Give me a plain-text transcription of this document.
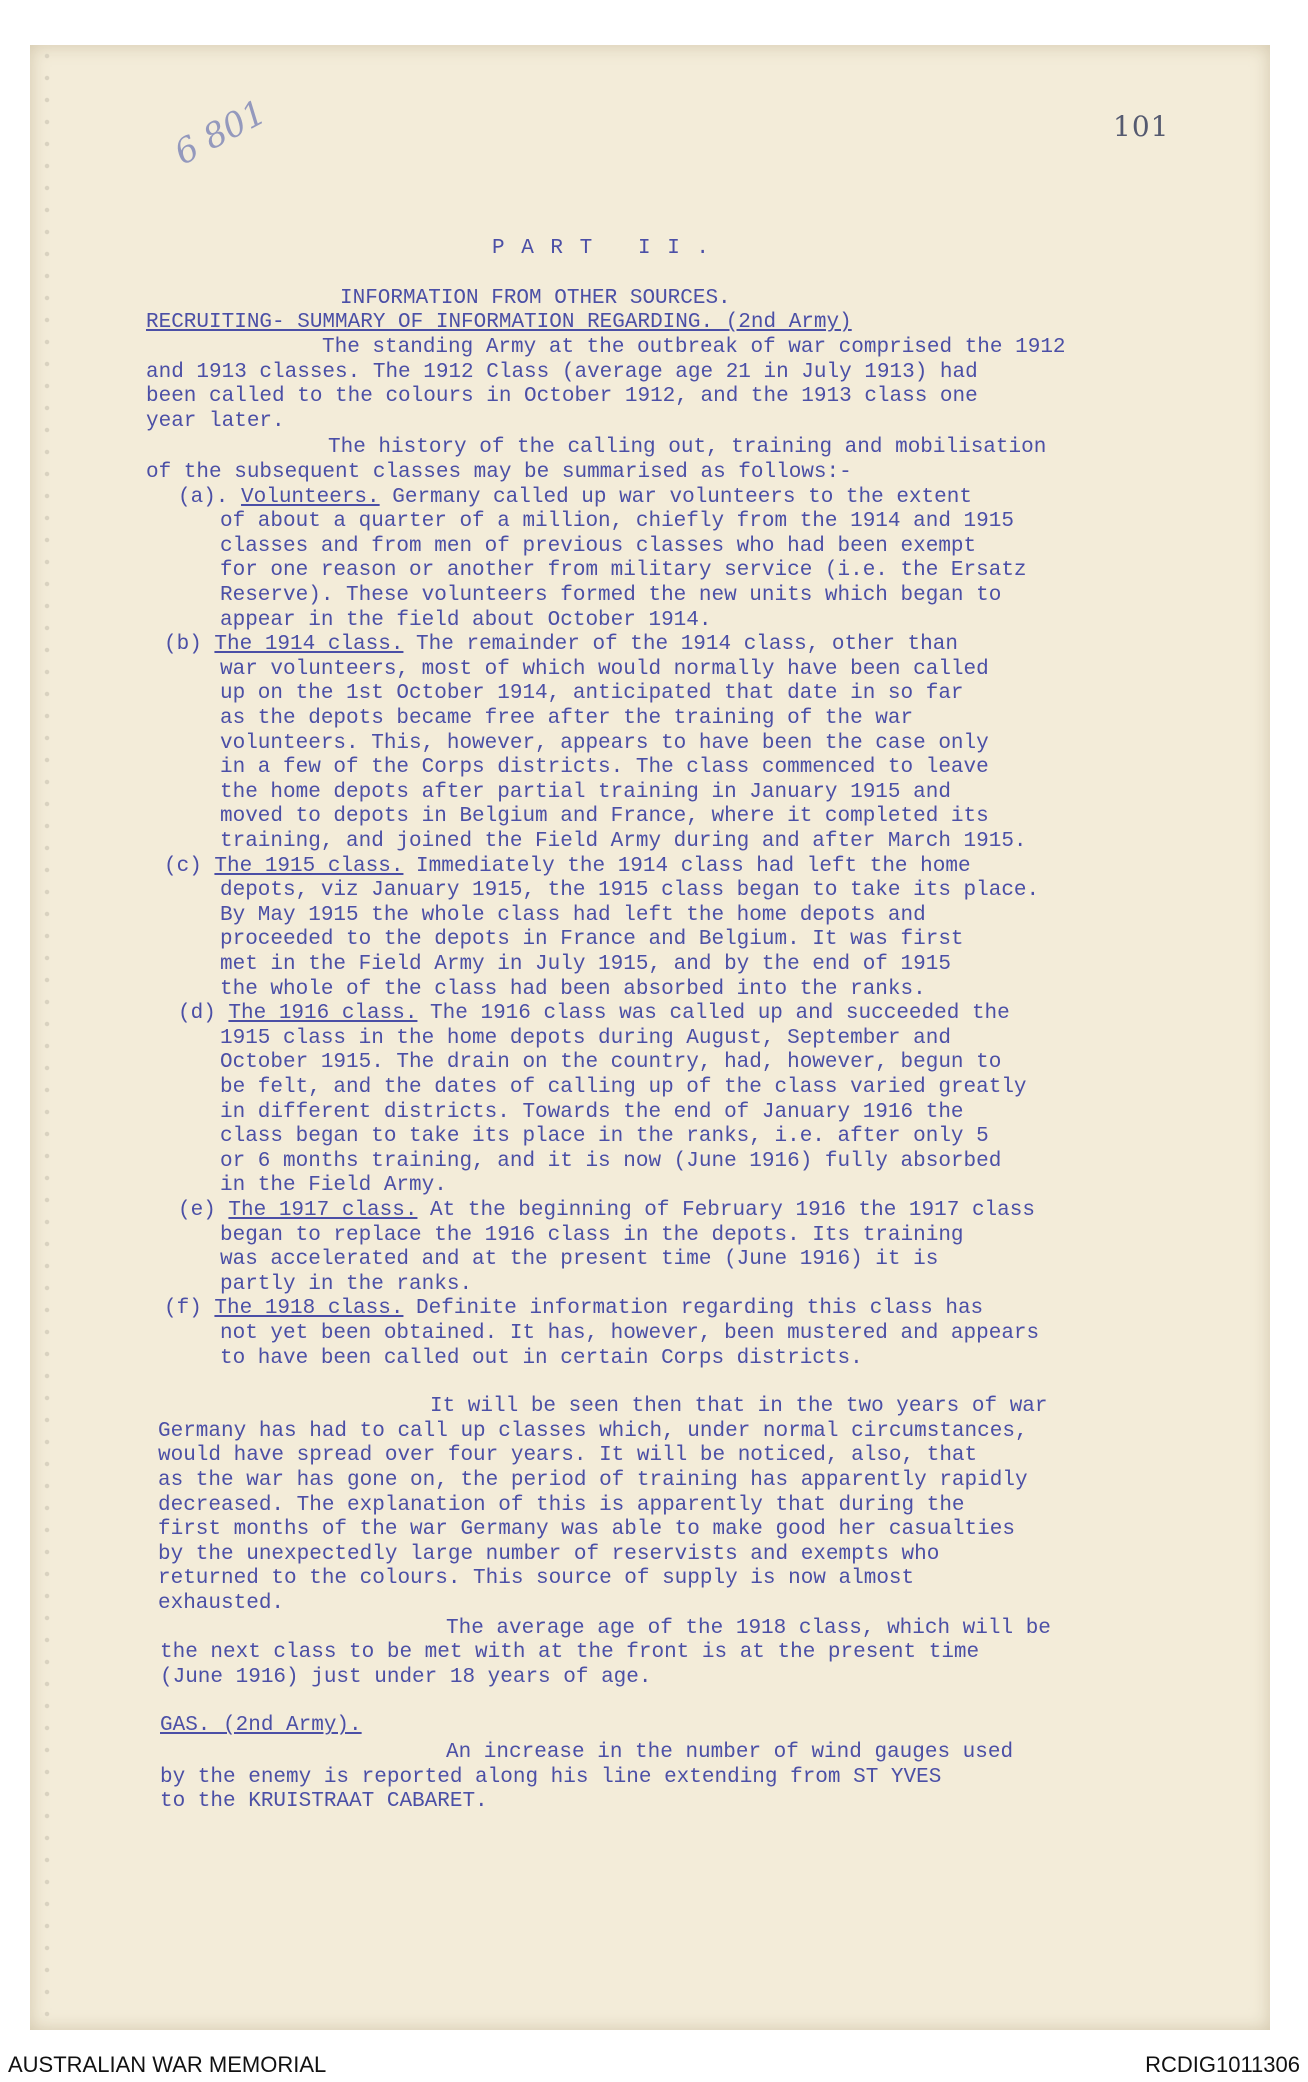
101
6 801
P A R T   I I .
INFORMATION FROM OTHER SOURCES.
RECRUITING- SUMMARY OF INFORMATION REGARDING. (2nd Army)
The standing Army at the outbreak of war comprised the 1912
and 1913 classes. The 1912 Class (average age 21 in July 1913) had
been called to the colours in October 1912, and the 1913 class one
year later.
The history of the calling out, training and mobilisation
of the subsequent classes may be summarised as follows:-
(a). Volunteers. Germany called up war volunteers to the extent
of about a quarter of a million, chiefly from the 1914 and 1915
classes and from men of previous classes who had been exempt
for one reason or another from military service (i.e. the Ersatz
Reserve). These volunteers formed the new units which began to
appear in the field about October 1914.
(b) The 1914 class. The remainder of the 1914 class, other than
war volunteers, most of which would normally have been called
up on the 1st October 1914, anticipated that date in so far
as the depots became free after the training of the war
volunteers. This, however, appears to have been the case only
in a few of the Corps districts. The class commenced to leave
the home depots after partial training in January 1915 and
moved to depots in Belgium and France, where it completed its
training, and joined the Field Army during and after March 1915.
(c) The 1915 class. Immediately the 1914 class had left the home
depots, viz January 1915, the 1915 class began to take its place.
By May 1915 the whole class had left the home depots and
proceeded to the depots in France and Belgium. It was first
met in the Field Army in July 1915, and by the end of 1915
the whole of the class had been absorbed into the ranks.
(d) The 1916 class. The 1916 class was called up and succeeded the
1915 class in the home depots during August, September and
October 1915. The drain on the country, had, however, begun to
be felt, and the dates of calling up of the class varied greatly
in different districts. Towards the end of January 1916 the
class began to take its place in the ranks, i.e. after only 5
or 6 months training, and it is now (June 1916) fully absorbed
in the Field Army.
(e) The 1917 class. At the beginning of February 1916 the 1917 class
began to replace the 1916 class in the depots. Its training
was accelerated and at the present time (June 1916) it is
partly in the ranks.
(f) The 1918 class. Definite information regarding this class has
not yet been obtained. It has, however, been mustered and appears
to have been called out in certain Corps districts.
It will be seen then that in the two years of war
Germany has had to call up classes which, under normal circumstances,
would have spread over four years. It will be noticed, also, that
as the war has gone on, the period of training has apparently rapidly
decreased. The explanation of this is apparently that during the
first months of the war Germany was able to make good her casualties
by the unexpectedly large number of reservists and exempts who
returned to the colours. This source of supply is now almost
exhausted.
The average age of the 1918 class, which will be
the next class to be met with at the front is at the present time
(June 1916) just under 18 years of age.
GAS. (2nd Army).
An increase in the number of wind gauges used
by the enemy is reported along his line extending from ST YVES
to the KRUISTRAAT CABARET.
AUSTRALIAN WAR MEMORIAL	RCDIG1011306
